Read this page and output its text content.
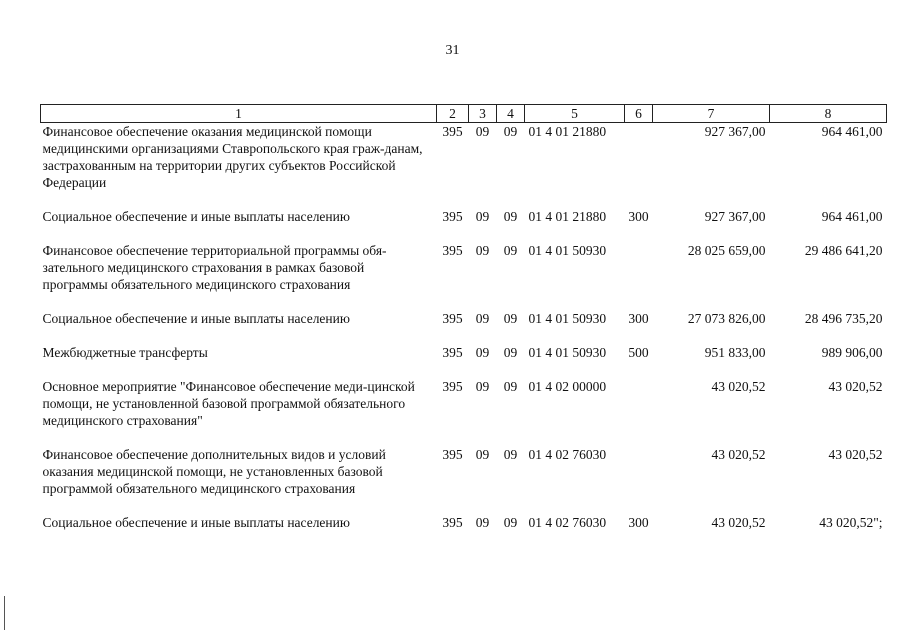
31
1	2	3	4	5	6	7	8
Финансовое обеспечение оказания медицинской помощи медицинскими организациями Ставропольского края граж-данам, застрахованным на территории других субъектов Российской Федерации	395	09	09	01 4 01 21880		927 367,00	964 461,00

Социальное обеспечение и иные выплаты населению	395	09	09	01 4 01 21880	300	927 367,00	964 461,00

Финансовое обеспечение территориальной программы обя-зательного медицинского страхования в рамках базовой программы обязательного медицинского страхования	395	09	09	01 4 01 50930		28 025 659,00	29 486 641,20

Социальное обеспечение и иные выплаты населению	395	09	09	01 4 01 50930	300	27 073 826,00	28 496 735,20

Межбюджетные трансферты	395	09	09	01 4 01 50930	500	951 833,00	989 906,00

Основное мероприятие "Финансовое обеспечение меди-цинской помощи, не установленной базовой программой обязательного медицинского страхования"	395	09	09	01 4 02 00000		43 020,52	43 020,52

Финансовое обеспечение дополнительных видов и условий оказания медицинской помощи, не установленных базовой программой обязательного медицинского страхования	395	09	09	01 4 02 76030		43 020,52	43 020,52

Социальное обеспечение и иные выплаты населению	395	09	09	01 4 02 76030	300	43 020,52	43 020,52";
